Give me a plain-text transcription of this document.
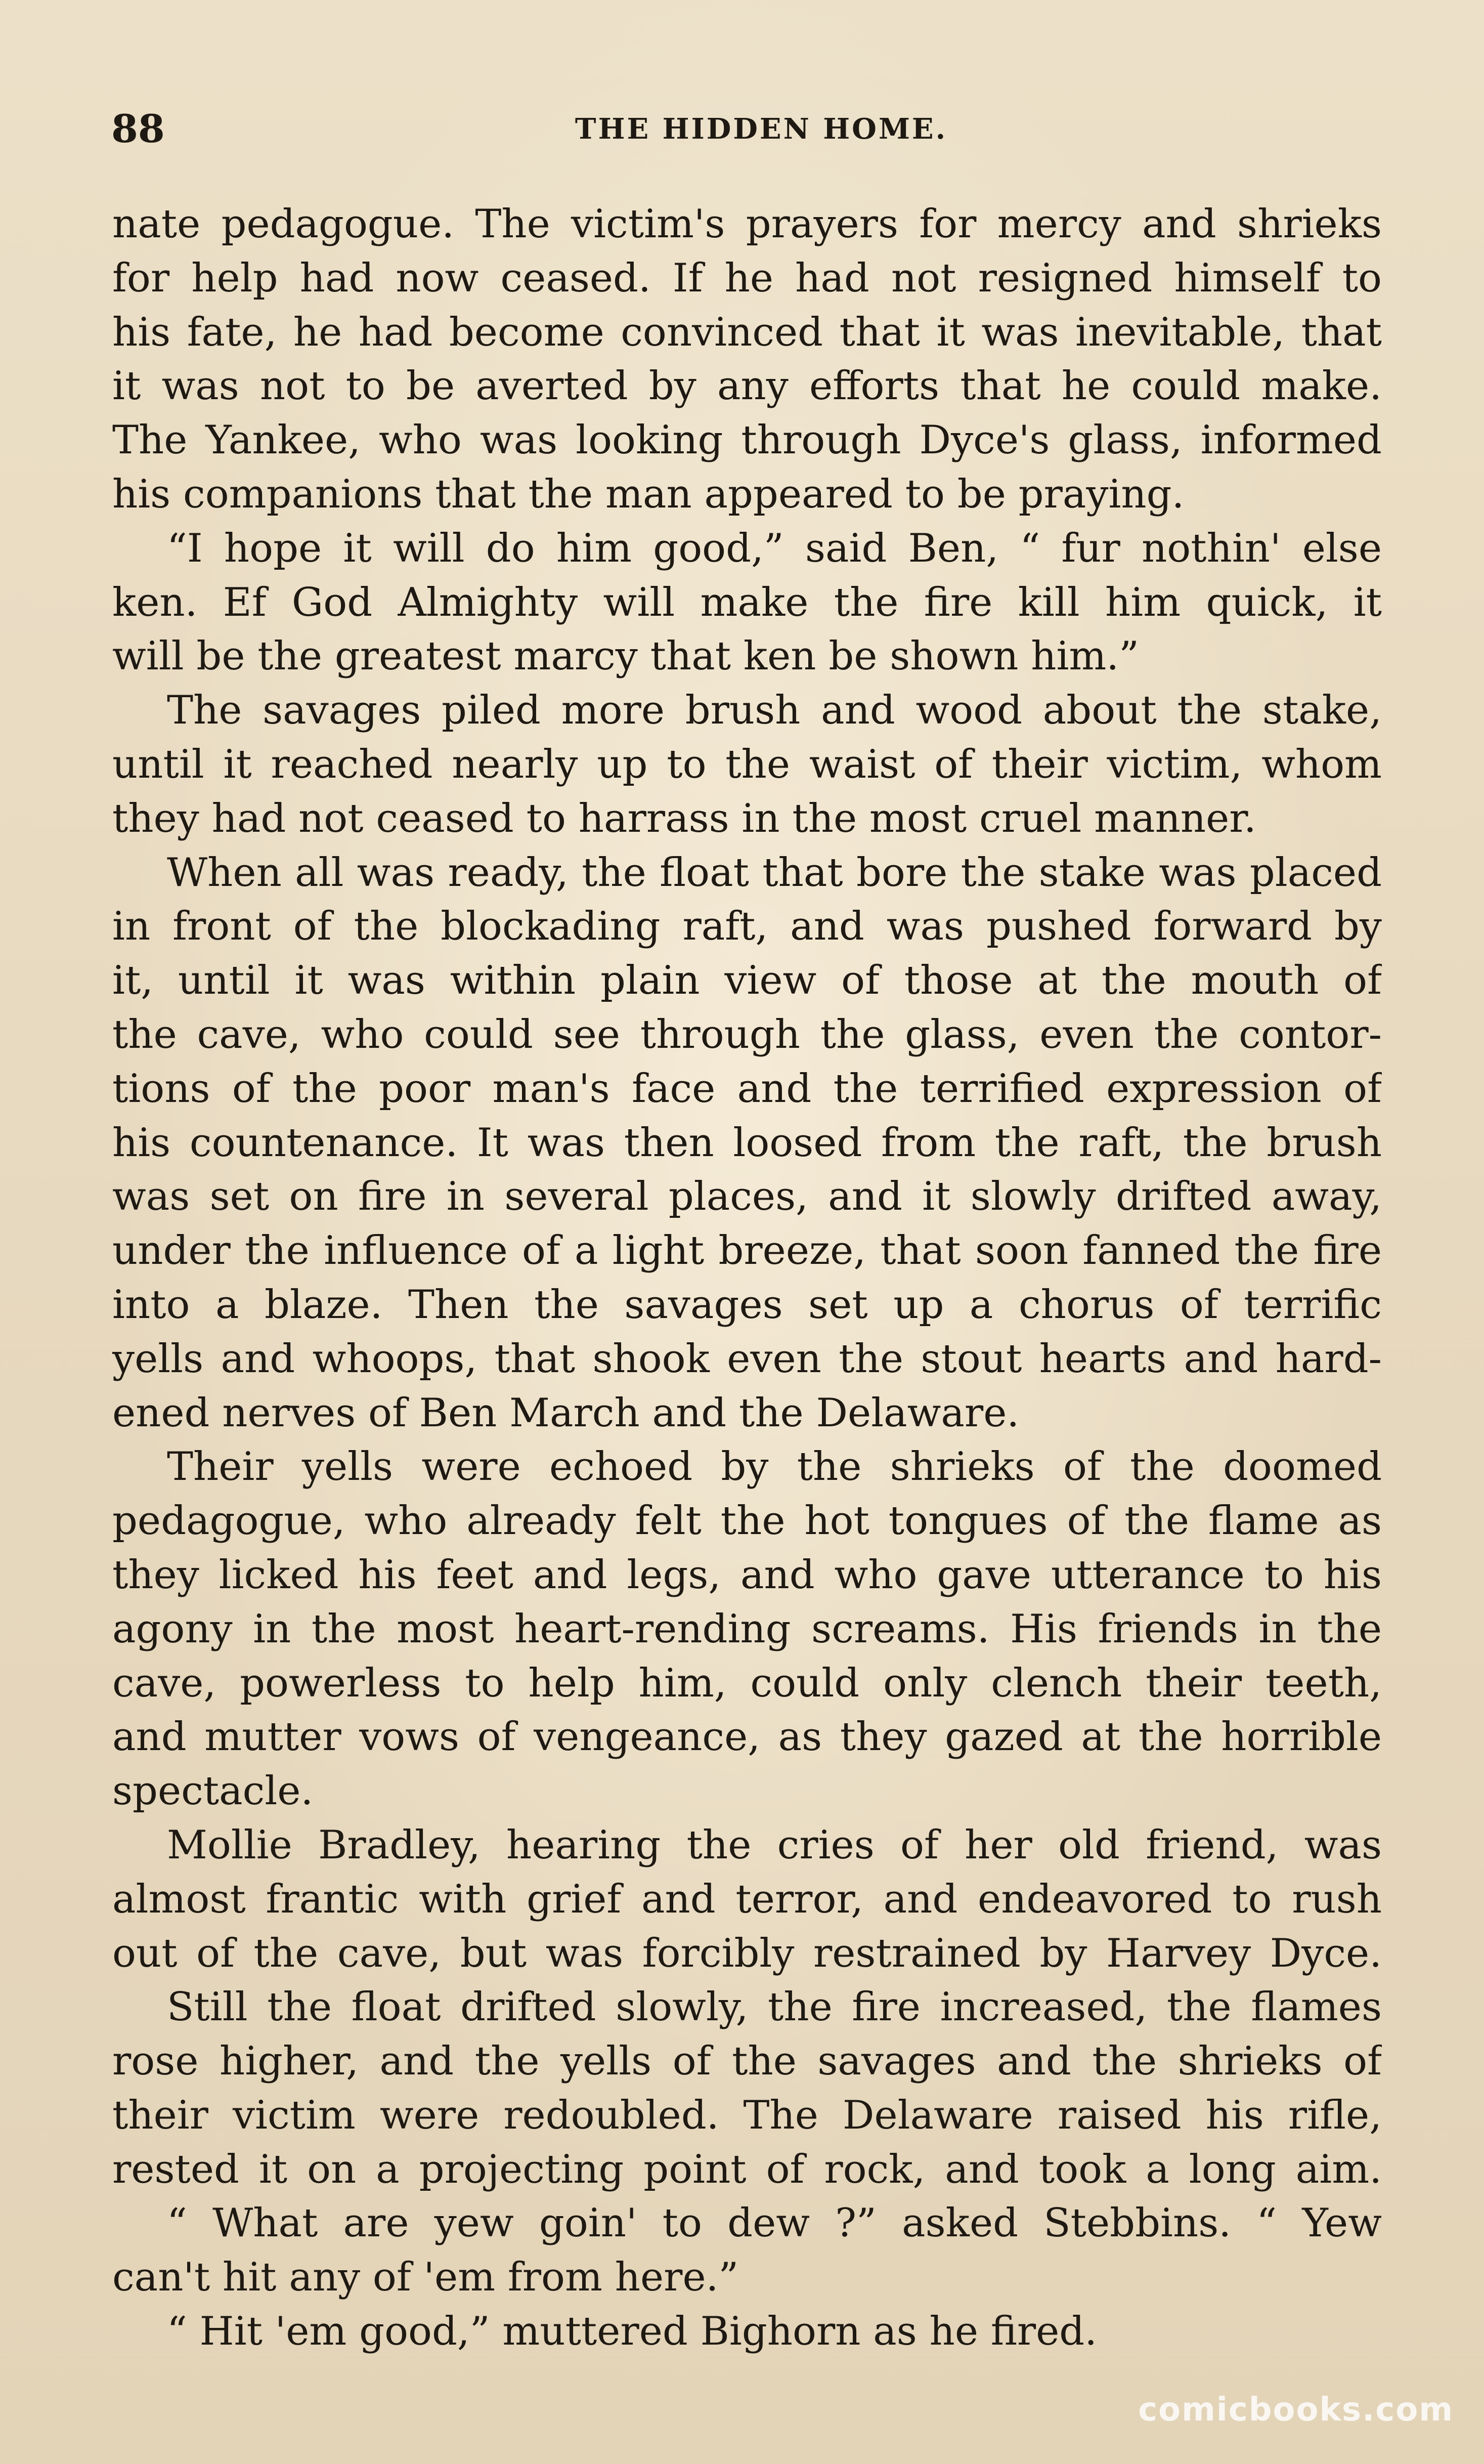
88	THE HIDDEN HOME.
nate pedagogue. The victim's prayers for mercy and shrieks
for help had now ceased. If he had not resigned himself to
his fate, he had become convinced that it was inevitable, that
it was not to be averted by any efforts that he could make.
The Yankee, who was looking through Dyce's glass, informed
his companions that the man appeared to be praying.
“I hope it will do him good,” said Ben, “ fur nothin' else
ken. Ef God Almighty will make the fire kill him quick, it
will be the greatest marcy that ken be shown him.”
The savages piled more brush and wood about the stake,
until it reached nearly up to the waist of their victim, whom
they had not ceased to harrass in the most cruel manner.
When all was ready, the float that bore the stake was placed
in front of the blockading raft, and was pushed forward by
it, until it was within plain view of those at the mouth of
the cave, who could see through the glass, even the contor-
tions of the poor man's face and the terrified expression of
his countenance. It was then loosed from the raft, the brush
was set on fire in several places, and it slowly drifted away,
under the influence of a light breeze, that soon fanned the fire
into a blaze. Then the savages set up a chorus of terrific
yells and whoops, that shook even the stout hearts and hard-
ened nerves of Ben March and the Delaware.
Their yells were echoed by the shrieks of the doomed
pedagogue, who already felt the hot tongues of the flame as
they licked his feet and legs, and who gave utterance to his
agony in the most heart-rending screams. His friends in the
cave, powerless to help him, could only clench their teeth,
and mutter vows of vengeance, as they gazed at the horrible
spectacle.
Mollie Bradley, hearing the cries of her old friend, was
almost frantic with grief and terror, and endeavored to rush
out of the cave, but was forcibly restrained by Harvey Dyce.
Still the float drifted slowly, the fire increased, the flames
rose higher, and the yells of the savages and the shrieks of
their victim were redoubled. The Delaware raised his rifle,
rested it on a projecting point of rock, and took a long aim.
“ What are yew goin' to dew ?” asked Stebbins. “ Yew
can't hit any of 'em from here.”
“ Hit 'em good,” muttered Bighorn as he fired.
comicbooks.com
